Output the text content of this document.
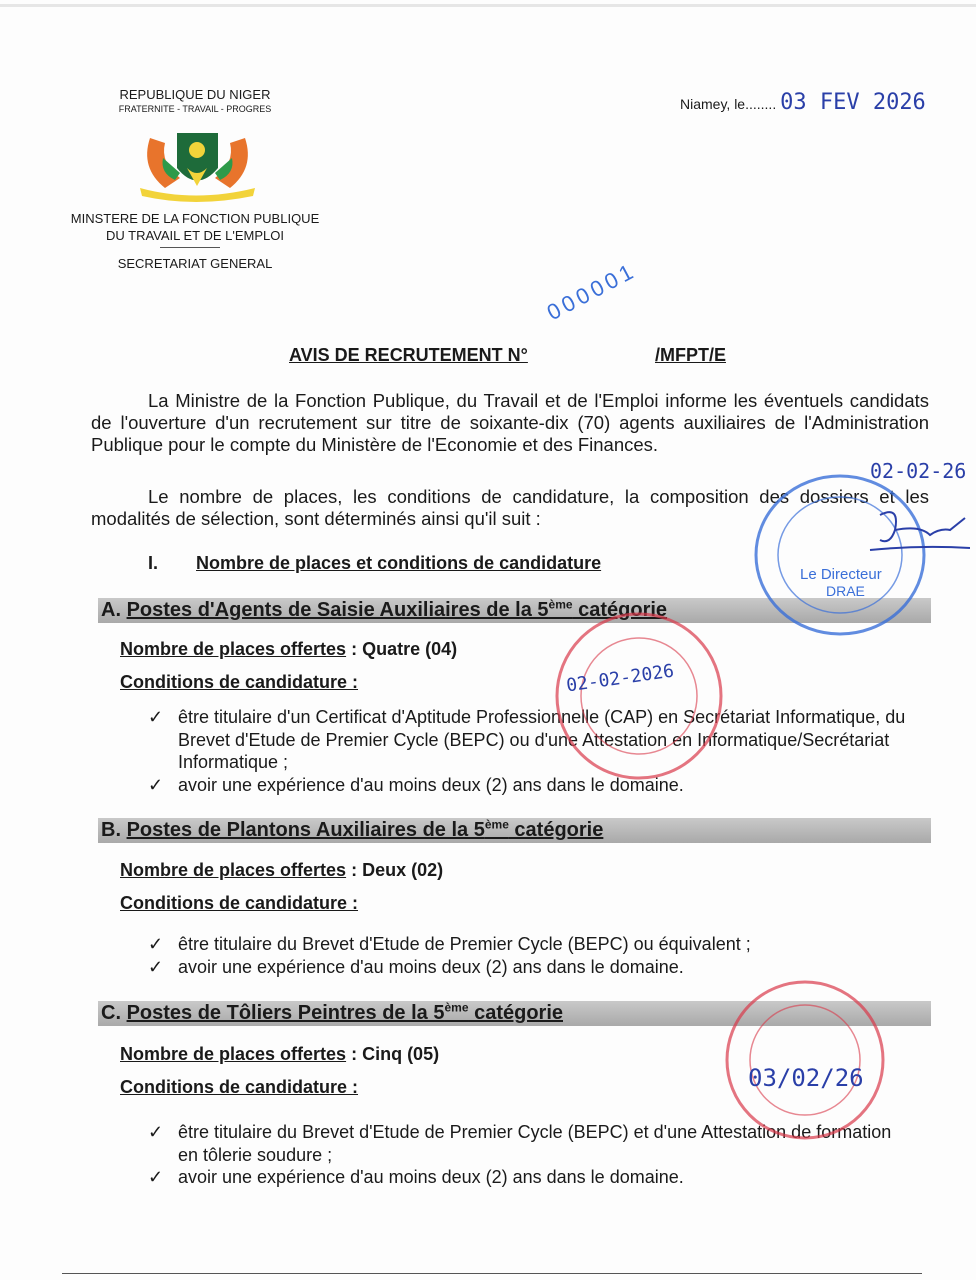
REPUBLIQUE DU NIGER
FRATERNITE - TRAVAIL - PROGRES
MINSTERE DE LA FONCTION PUBLIQUE
DU TRAVAIL ET DE L'EMPLOI
SECRETARIAT GENERAL
Niamey, le........ 03 FEV 2026
AVIS DE RECRUTEMENT N°
000001
/MFPT/E

La Ministre de la Fonction Publique, du Travail et de l'Emploi informe les éventuels candidats de l'ouverture d'un recrutement sur titre de soixante-dix (70) agents auxiliaires de l'Administration Publique pour le compte du Ministère de l'Economie et des Finances.

02-02-26

Le nombre de places, les conditions de candidature, la composition des dossiers et les modalités de sélection, sont déterminés ainsi qu'il suit :

I. Nombre de places et conditions de candidature
A. Postes d'Agents de Saisie Auxiliaires de la 5ème catégorie
Nombre de places offertes : Quatre (04)
Conditions de candidature :
✓ être titulaire d'un Certificat d'Aptitude Professionnelle (CAP) en Secrétariat Informatique, du Brevet d'Etude de Premier Cycle (BEPC) ou d'une Attestation en Informatique/Secrétariat Informatique ;
✓ avoir une expérience d'au moins deux (2) ans dans le domaine.
B. Postes de Plantons Auxiliaires de la 5ème catégorie
Nombre de places offertes : Deux (02)
Conditions de candidature :
✓ être titulaire du Brevet d'Etude de Premier Cycle (BEPC) ou équivalent ;
✓ avoir une expérience d'au moins deux (2) ans dans le domaine.
C. Postes de Tôliers Peintres de la 5ème catégorie
Nombre de places offertes : Cinq (05)
Conditions de candidature :
✓ être titulaire du Brevet d'Etude de Premier Cycle (BEPC) et d'une Attestation de formation en tôlerie soudure ;
✓ avoir une expérience d'au moins deux (2) ans dans le domaine.
Le Directeur
DRAE
02-02-2026
03/02/26
